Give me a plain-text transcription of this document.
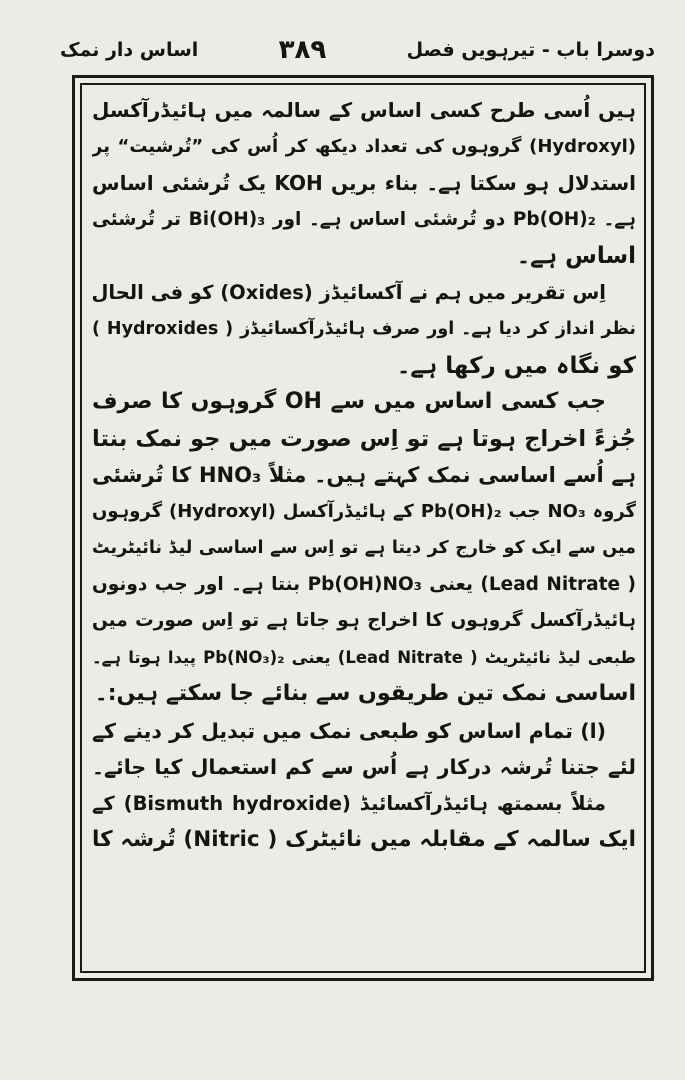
دوسرا باب - تیرہویں فصل
۳۸۹
اساس دار نمک
ہیں اُسی طرح کسی اساس کے سالمہ میں ہائیڈرآکسل
(Hydroxyl) گروہوں کی تعداد دیکھ کر اُس کی ”تُرشیت“ پر
استدلال ہو سکتا ہے۔ بناء بریں KOH یک تُرشئی اساس
ہے۔ Pb(OH)₂ دو تُرشئی اساس ہے۔ اور Bi(OH)₃ تر تُرشئی
اساس ہے۔
اِس تقریر میں ہم نے آکسائیڈز (Oxides) کو فی الحال
نظر انداز کر دیا ہے۔ اور صرف ہائیڈرآکسائیڈز ( Hydroxides )
کو نگاہ میں رکھا ہے۔
جب کسی اساس میں سے OH گروہوں کا صرف
جُزءً اخراج ہوتا ہے تو اِس صورت میں جو نمک بنتا
ہے اُسے اساسی نمک کہتے ہیں۔ مثلاً HNO₃ کا تُرشئی
گروہ NO₃ جب Pb(OH)₂ کے ہائیڈرآکسل (Hydroxyl) گروہوں
میں سے ایک کو خارج کر دیتا ہے تو اِس سے اساسی لیڈ نائیٹریٹ
( Lead Nitrate) یعنی Pb(OH)NO₃ بنتا ہے۔ اور جب دونوں
ہائیڈرآکسل گروہوں کا اخراج ہو جاتا ہے تو اِس صورت میں
طبعی لیڈ نائیٹریٹ ( Lead Nitrate) یعنی Pb(NO₃)₂ پیدا ہوتا ہے۔
اساسی نمک تین طریقوں سے بنائے جا سکتے ہیں:۔
(ا) تمام اساس کو طبعی نمک میں تبدیل کر دینے کے
لئے جتنا تُرشہ درکار ہے اُس سے کم استعمال کیا جائے۔
مثلاً بسمتھ ہائیڈرآکسائیڈ (Bismuth hydroxide) کے
ایک سالمہ کے مقابلہ میں نائیٹرک ( Nitric) تُرشہ کا
